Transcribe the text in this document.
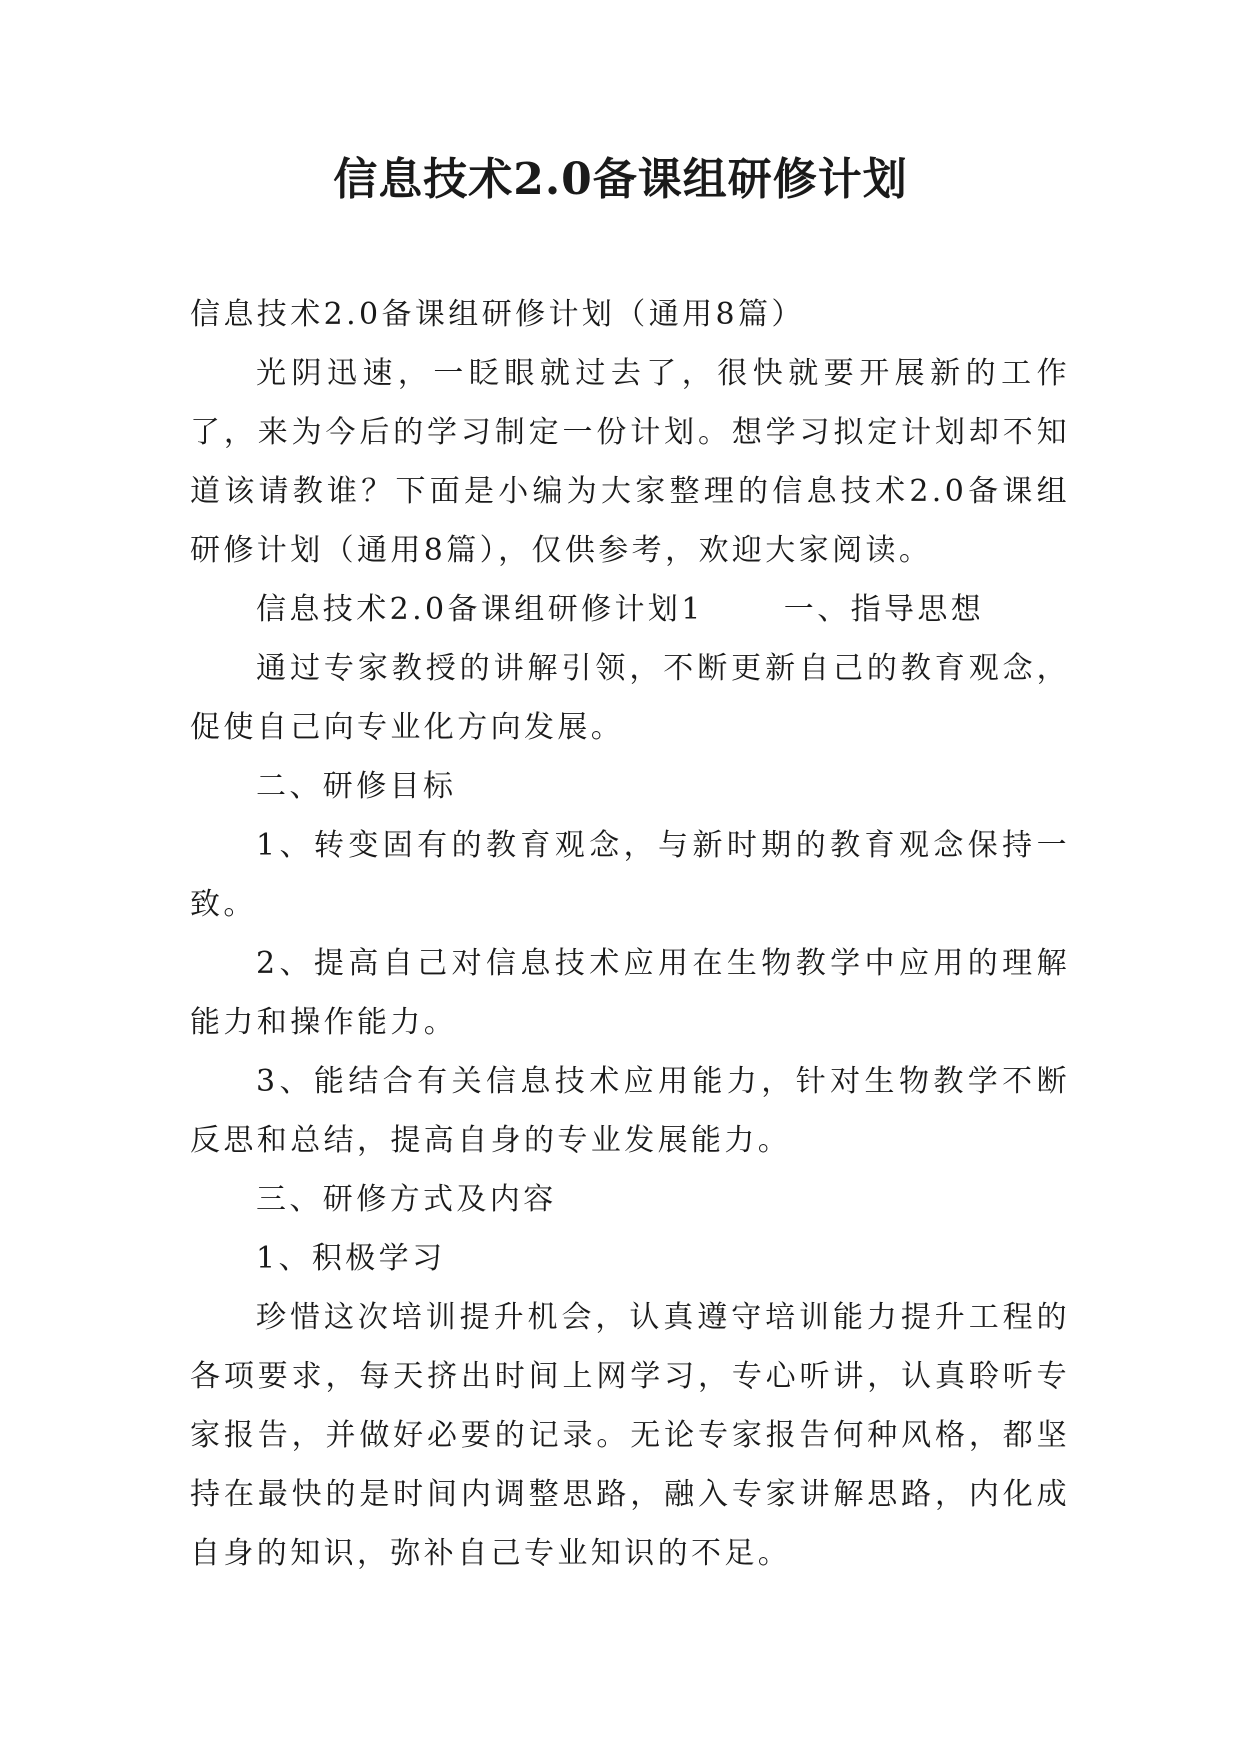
信息技术2.0备课组研修计划

信息技术2.0备课组研修计划（通用8篇）

光阴迅速，一眨眼就过去了，很快就要开展新的工作了，来为今后的学习制定一份计划。想学习拟定计划却不知道该请教谁？下面是小编为大家整理的信息技术2.0备课组研修计划（通用8篇），仅供参考，欢迎大家阅读。

信息技术2.0备课组研修计划1	一、指导思想

通过专家教授的讲解引领，不断更新自己的教育观念，促使自己向专业化方向发展。

二、研修目标

1、转变固有的教育观念，与新时期的教育观念保持一致。

2、提高自己对信息技术应用在生物教学中应用的理解能力和操作能力。

3、能结合有关信息技术应用能力，针对生物教学不断反思和总结，提高自身的专业发展能力。

三、研修方式及内容

1、积极学习

珍惜这次培训提升机会，认真遵守培训能力提升工程的各项要求，每天挤出时间上网学习，专心听讲，认真聆听专家报告，并做好必要的记录。无论专家报告何种风格，都坚持在最快的是时间内调整思路，融入专家讲解思路，内化成自身的知识，弥补自己专业知识的不足。
